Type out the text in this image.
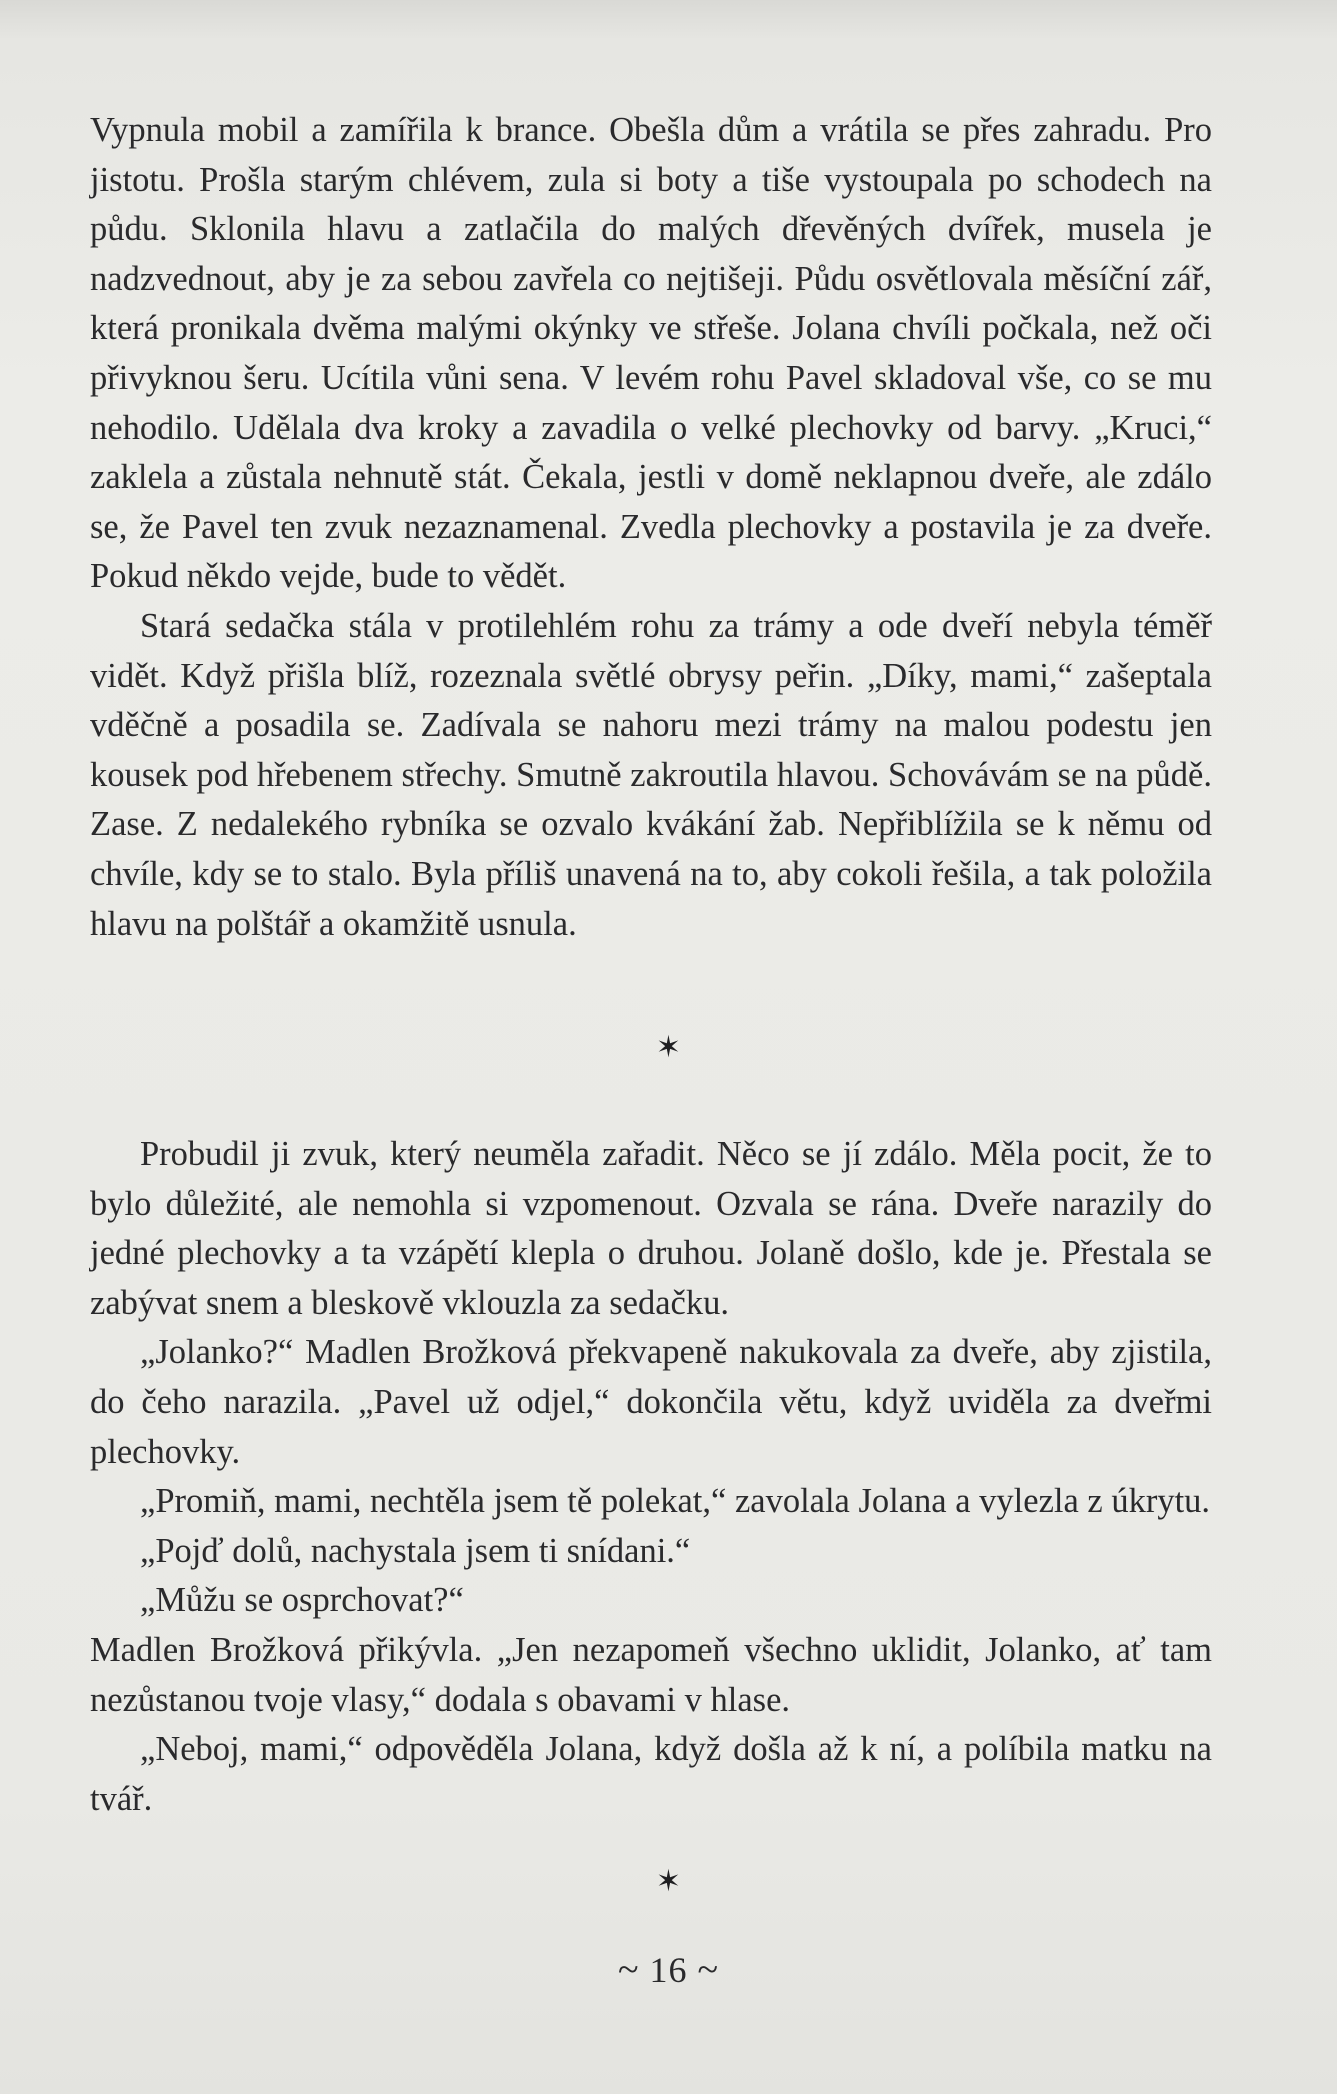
Vypnula mobil a zamířila k brance. Obešla dům a vrátila se přes zahradu. Pro jistotu. Prošla starým chlévem, zula si boty a tiše vystoupala po schodech na půdu. Sklonila hlavu a zatlačila do malých dřevěných dvířek, musela je nadzvednout, aby je za sebou zavřela co nejtišeji. Půdu osvětlovala měsíční zář, která pronikala dvěma malými okýnky ve střeše. Jolana chvíli počkala, než oči přivyknou šeru. Ucítila vůni sena. V levém rohu Pavel skladoval vše, co se mu nehodilo. Udělala dva kroky a zavadila o velké plechovky od barvy. „Kruci,“ zaklela a zůstala nehnutě stát. Čekala, jestli v domě neklapnou dveře, ale zdálo se, že Pavel ten zvuk nezaznamenal. Zvedla plechovky a postavila je za dveře. Pokud někdo vejde, bude to vědět.

Stará sedačka stála v protilehlém rohu za trámy a ode dveří nebyla téměř vidět. Když přišla blíž, rozeznala světlé obrysy peřin. „Díky, mami,“ zašeptala vděčně a posadila se. Zadívala se nahoru mezi trámy na malou podestu jen kousek pod hřebenem střechy. Smutně zakroutila hlavou. Schovávám se na půdě. Zase. Z nedalekého rybníka se ozvalo kvákání žab. Nepřiblížila se k němu od chvíle, kdy se to stalo. Byla příliš unavená na to, aby cokoli řešila, a tak položila hlavu na polštář a okamžitě usnula.

✶

Probudil ji zvuk, který neuměla zařadit. Něco se jí zdálo. Měla pocit, že to bylo důležité, ale nemohla si vzpomenout. Ozvala se rána. Dveře narazily do jedné plechovky a ta vzápětí klepla o druhou. Jolaně došlo, kde je. Přestala se zabývat snem a bleskově vklouzla za sedačku.

„Jolanko?“ Madlen Brožková překvapeně nakukovala za dveře, aby zjistila, do čeho narazila. „Pavel už odjel,“ dokončila větu, když uviděla za dveřmi plechovky.

„Promiň, mami, nechtěla jsem tě polekat,“ zavolala Jolana a vylezla z úkrytu.

„Pojď dolů, nachystala jsem ti snídani.“

„Můžu se osprchovat?“

Madlen Brožková přikývla. „Jen nezapomeň všechno uklidit, Jolanko, ať tam nezůstanou tvoje vlasy,“ dodala s obavami v hlase.

„Neboj, mami,“ odpověděla Jolana, když došla až k ní, a políbila matku na tvář.

✶
~ 16 ~
